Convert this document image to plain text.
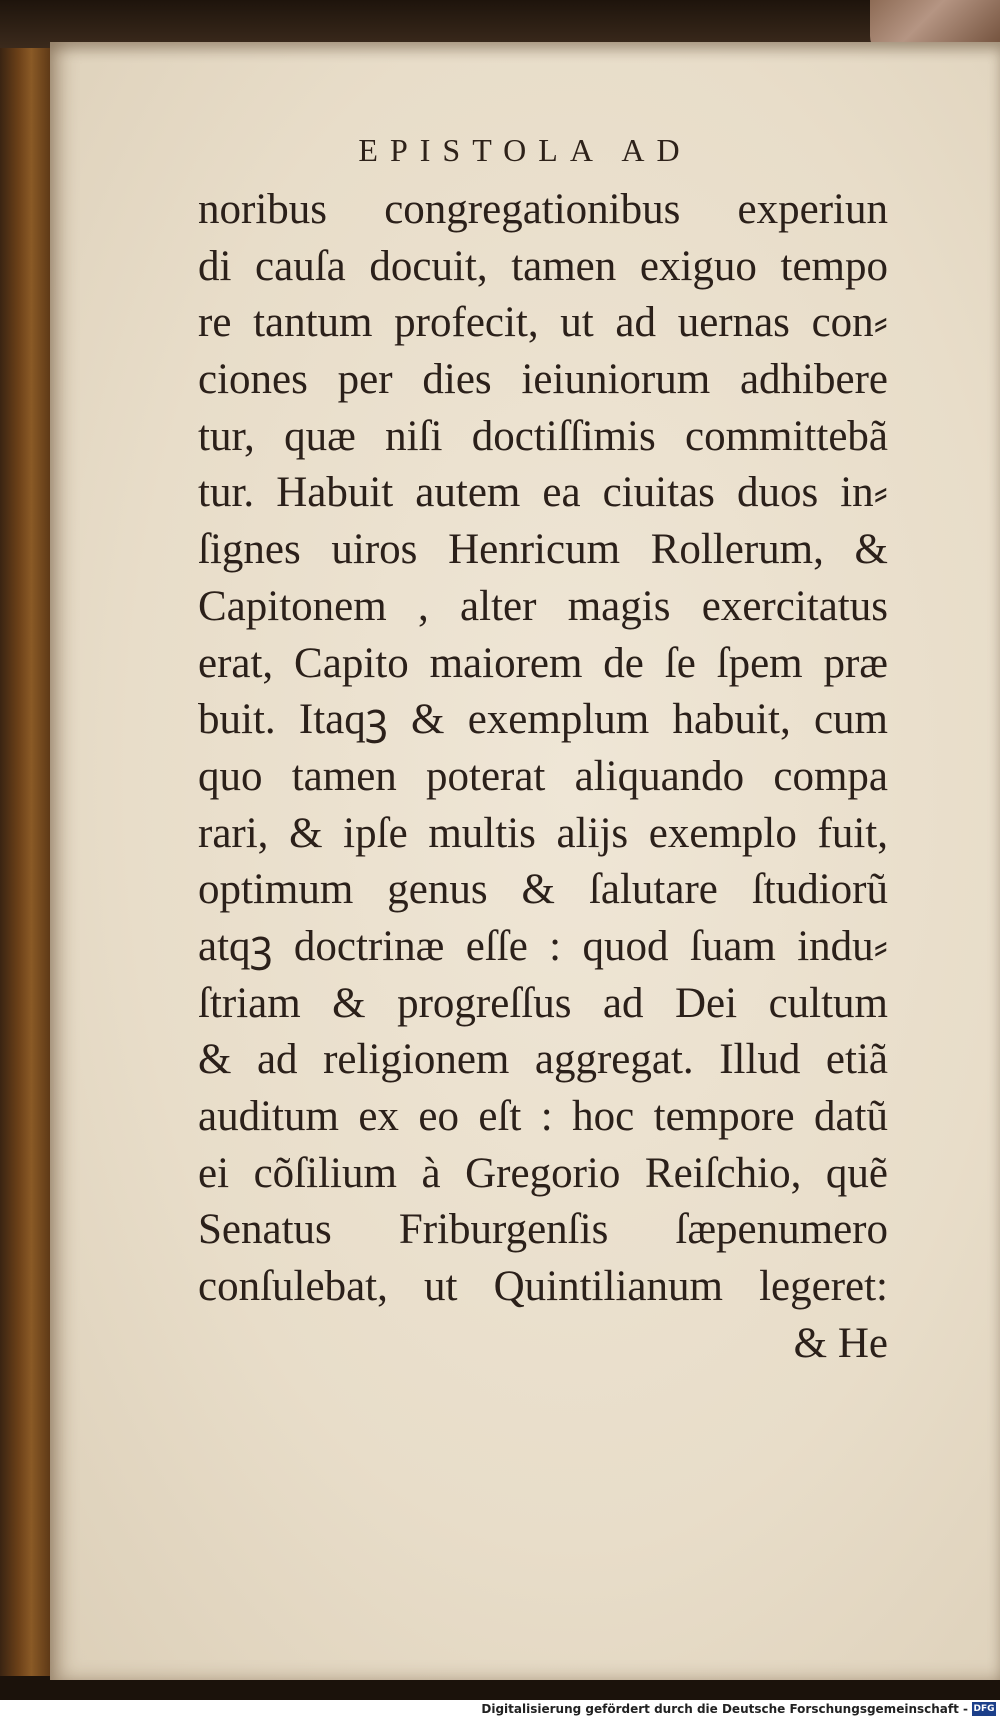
EPISTOLA AD
noribus congregationibus experiun
di cauſa docuit, tamen exiguo tempo
re tantum profecit, ut ad uernas con⸗
ciones per dies ieiuniorum adhibere
tur, quæ niſi doctiſſimis committebã
tur. Habuit autem ea ciuitas duos in⸗
ſignes uiros Henricum Rollerum, &
Capitonem , alter magis exercitatus
erat, Capito maiorem de ſe ſpem præ
buit. Itaqꝫ & exemplum habuit, cum
quo tamen poterat aliquando compa
rari, & ipſe multis alijs exemplo fuit,
optimum genus & ſalutare ſtudiorũ
atqꝫ doctrinæ eſſe : quod ſuam indu⸗
ſtriam & progreſſus ad Dei cultum
& ad religionem aggregat. Illud etiã
auditum ex eo eſt : hoc tempore datũ
ei cõſilium à Gregorio Reiſchio, quẽ
Senatus Friburgenſis ſæpenumero
conſulebat, ut Quintilianum legeret:
& He
Digitalisierung gefördert durch die Deutsche Forschungsgemeinschaft - DFG
